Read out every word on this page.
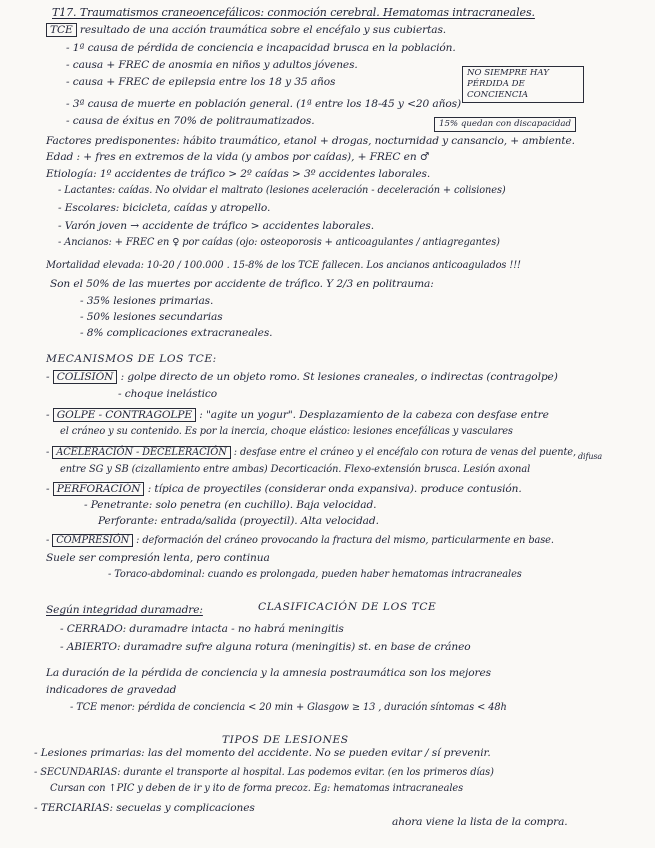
T17. Traumatismos craneoencefálicos: conmoción cerebral. Hematomas intracraneales.
TCE resultado de una acción traumática sobre el encéfalo y sus cubiertas.
- 1ª causa de pérdida de conciencia e incapacidad brusca en la población.
- causa + FREC de anosmia en niños y adultos jóvenes.
- causa + FREC de epilepsia entre los 18 y 35 años
- 3ª causa de muerte en población general. (1ª entre los 18-45 y <20 años)
- causa de éxitus en 70% de politraumatizados.
NO SIEMPRE HAY PÉRDIDA DE CONCIENCIA
15% quedan con discapacidad
Factores predisponentes: hábito traumático, etanol + drogas, nocturnidad y cansancio, + ambiente.
Edad : + fres en extremos de la vida (y ambos por caídas), + FREC en ♂
Etiología: 1º accidentes de tráfico > 2º caídas > 3º accidentes laborales.
- Lactantes: caídas. No olvidar el maltrato (lesiones aceleración - deceleración + colisiones)
- Escolares: bicicleta, caídas y atropello.
- Varón joven → accidente de tráfico > accidentes laborales.
- Ancianos: + FREC en ♀ por caídas (ojo: osteoporosis + anticoagulantes / antiagregantes)
Mortalidad elevada: 10-20 / 100.000 . 15-8% de los TCE fallecen. Los ancianos anticoagulados !!!
Son el 50% de las muertes por accidente de tráfico. Y 2/3 en politrauma:
- 35% lesiones primarias.
- 50% lesiones secundarias
- 8% complicaciones extracraneales.
MECANISMOS DE LOS TCE:
- COLISIÓN : golpe directo de un objeto romo. St lesiones craneales, o indirectas (contragolpe)
- choque inelástico
- GOLPE - CONTRAGOLPE : "agite un yogur". Desplazamiento de la cabeza con desfase entre
el cráneo y su contenido. Es por la inercia, choque elástico: lesiones encefálicas y vasculares
- ACELERACIÓN - DECELERACIÓN : desfase entre el cráneo y el encéfalo con rotura de venas del puente,
entre SG y SB (cizallamiento entre ambas) Decorticación. Flexo-extensión brusca. Lesión axonal
difusa
- PERFORACIÓN : típica de proyectiles (considerar onda expansiva). produce contusión.
- Penetrante: solo penetra (en cuchillo). Baja velocidad.
Perforante: entrada/salida (proyectil). Alta velocidad.
- COMPRESIÓN : deformación del cráneo provocando la fractura del mismo, particularmente en base.
Suele ser compresión lenta, pero continua
- Toraco-abdominal: cuando es prolongada, pueden haber hematomas intracraneales
CLASIFICACIÓN DE LOS TCE
Según integridad duramadre:
- CERRADO: duramadre intacta - no habrá meningitis
- ABIERTO: duramadre sufre alguna rotura (meningitis) st. en base de cráneo
La duración de la pérdida de conciencia y la amnesia postraumática son los mejores
indicadores de gravedad
- TCE menor: pérdida de conciencia < 20 min + Glasgow ≥ 13 , duración síntomas < 48h
TIPOS DE LESIONES
- Lesiones primarias: las del momento del accidente. No se pueden evitar / sí prevenir.
- SECUNDARIAS: durante el transporte al hospital. Las podemos evitar. (en los primeros días)
Cursan con ↑PIC y deben de ir y ito de forma precoz. Eg: hematomas intracraneales
- TERCIARIAS: secuelas y complicaciones
ahora viene la lista de la compra.
